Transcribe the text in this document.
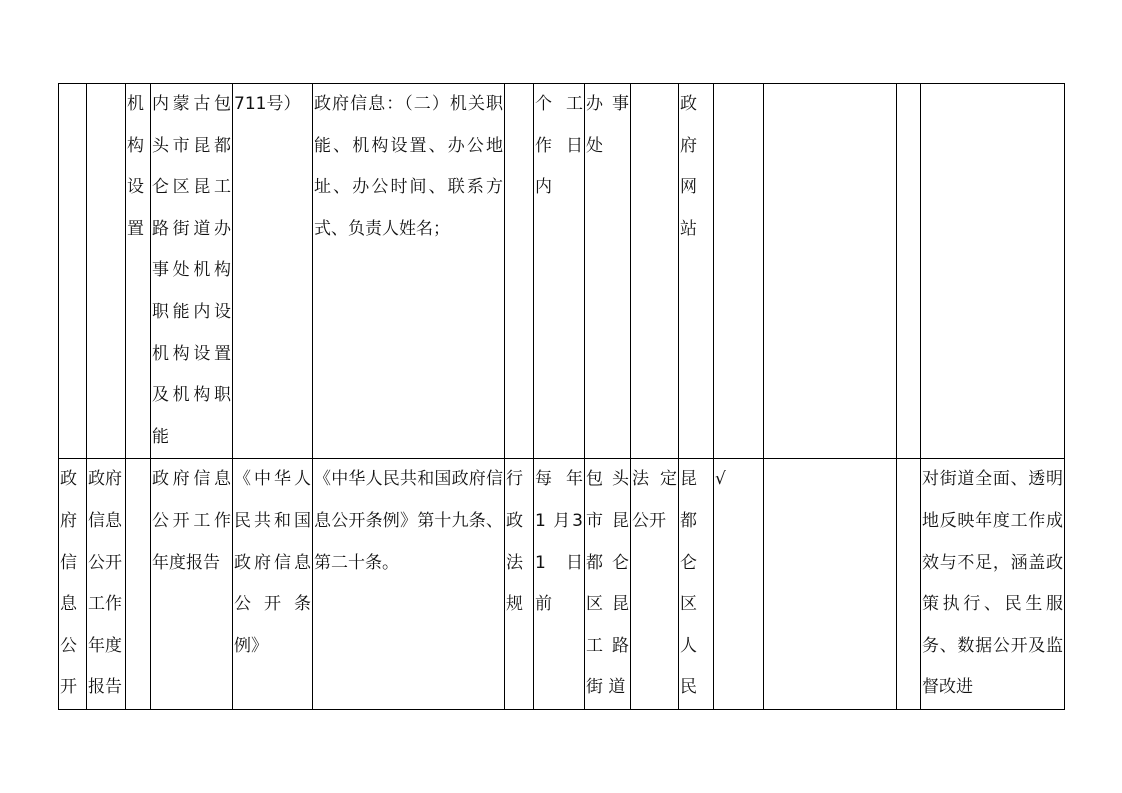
		机构设置	内蒙古包头市昆都仑区昆工路街道办事处机构职能内设机构设置及机构职能	711号）	政府信息：（二）机关职能、机构设置、办公地址、办公时间、联系方式、负责人姓名；		个 工作 日内	办 事处		政府网站				
政府信息公开	政府信息公开工作年度报告		政府信息公开工作年度报告	《中华人民共和国政府信息公 开 条例》	《中华人民共和国政府信息公开条例》第十九条、第二十条。	行政法规	每 年1 月31 日前	包 头市 昆都 仑区 昆工 路街 道	法 定公开	昆都仑区人民	√			对街道全面、透明地反映年度工作成效与不足，涵盖政策执行、民生服务、数据公开及监督改进
